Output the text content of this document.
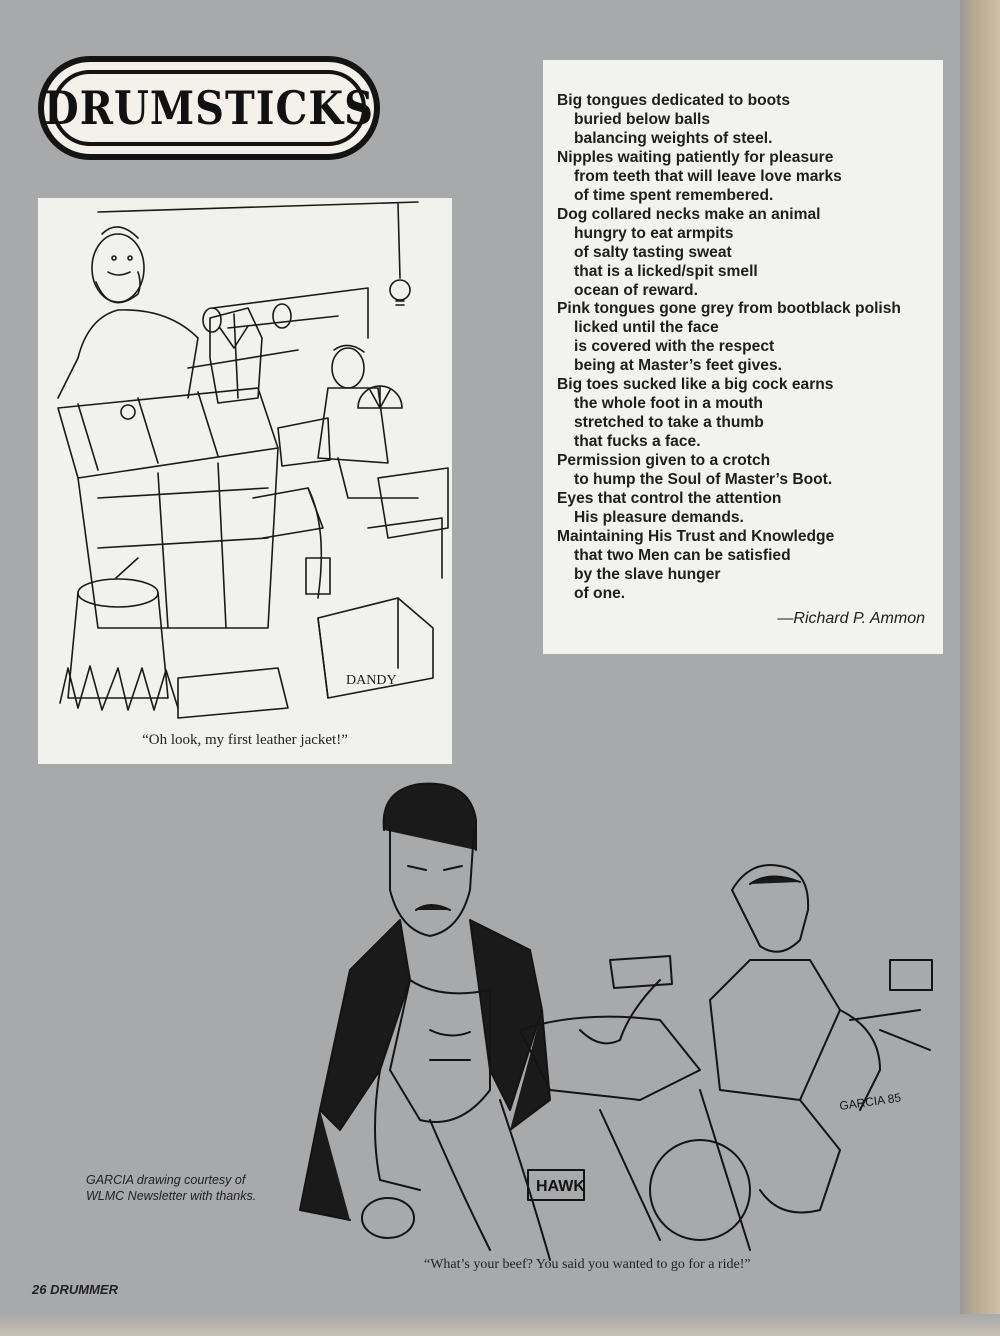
DRUMSTICKS
DANDY
“Oh look, my first leather jacket!”
Big tongues dedicated to boots
buried below balls
balancing weights of steel.
Nipples waiting patiently for pleasure
from teeth that will leave love marks
of time spent remembered.
Dog collared necks make an animal
hungry to eat armpits
of salty tasting sweat
that is a licked/spit smell
ocean of reward.
Pink tongues gone grey from bootblack polish
licked until the face
is covered with the respect
being at Master’s feet gives.
Big toes sucked like a big cock earns
the whole foot in a mouth
stretched to take a thumb
that fucks a face.
Permission given to a crotch
to hump the Soul of Master’s Boot.
Eyes that control the attention
His pleasure demands.
Maintaining His Trust and Knowledge
that two Men can be satisfied
by the slave hunger
of one.
—Richard P. Ammon
HAWK
GARCIA 85
GARCIA drawing courtesy of
WLMC Newsletter with thanks.
“What’s your beef? You said you wanted to go for a ride!”
26 DRUMMER
